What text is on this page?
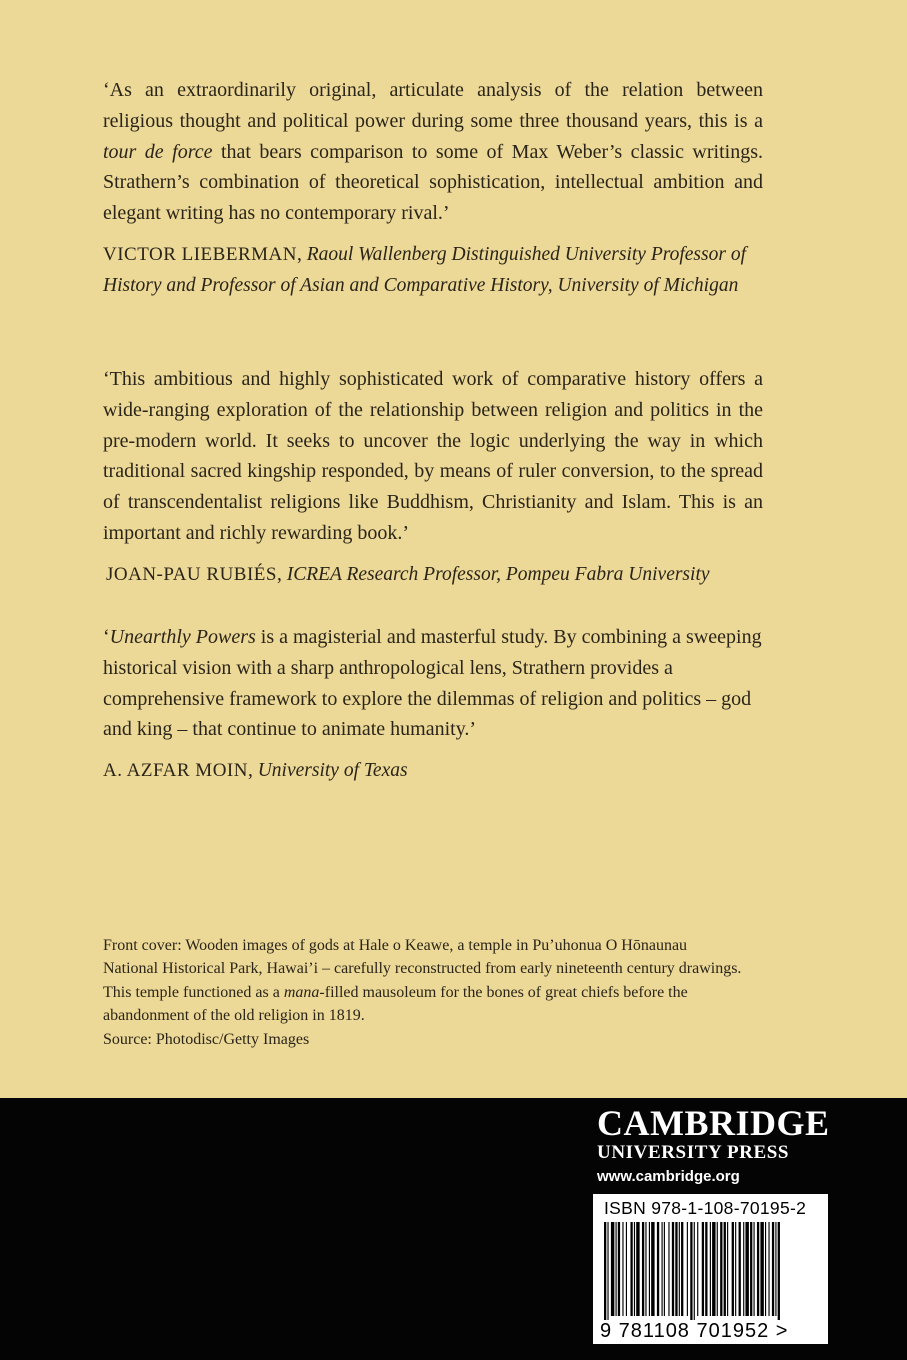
‘As an extraordinarily original, articulate analysis of the relation between religious thought and political power during some three thousand years, this is a tour de force that bears comparison to some of Max Weber’s classic writings. Strathern’s combination of theoretical sophistication, intellectual ambition and elegant writing has no contemporary rival.’

VICTOR LIEBERMAN, Raoul Wallenberg Distinguished University Professor of History and Professor of Asian and Comparative History, University of Michigan

‘This ambitious and highly sophisticated work of comparative history offers a wide-ranging exploration of the relationship between religion and politics in the pre-modern world. It seeks to uncover the logic underlying the way in which traditional sacred kingship responded, by means of ruler conversion, to the spread of transcendentalist religions like Buddhism, Christianity and Islam. This is an important and richly rewarding book.’

JOAN-PAU RUBIÉS, ICREA Research Professor, Pompeu Fabra University

‘Unearthly Powers is a magisterial and masterful study. By combining a sweeping historical vision with a sharp anthropological lens, Strathern provides a comprehensive framework to explore the dilemmas of religion and politics – god and king – that continue to animate humanity.’

A. AZFAR MOIN, University of Texas

Front cover: Wooden images of gods at Hale o Keawe, a temple in Pu’uhonua O Hōnaunau National Historical Park, Hawai’i – carefully reconstructed from early nineteenth century drawings. This temple functioned as a mana-filled mausoleum for the bones of great chiefs before the abandonment of the old religion in 1819.
Source: Photodisc/Getty Images

CAMBRIDGE
UNIVERSITY PRESS
www.cambridge.org
ISBN 978-1-108-70195-2
9 781108 701952 >
